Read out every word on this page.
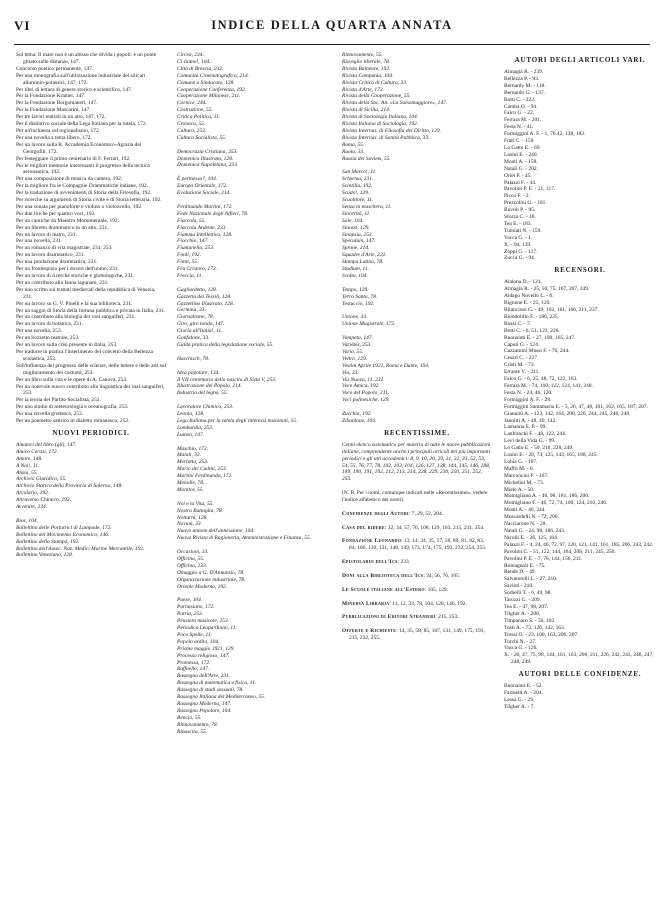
VI	INDICE DELLA QUARTA ANNATA

Sul tema: Il mare non è un abisso che divida i popoli: è un ponte gittato sulle distanze, 147.

Concorso poetico permanente, 147.

Per una monografia sull'utilizzazione industriale dei silicati alluminio-potassici, 147, 172.

Per libri di lettura di genere storico e scientifico, 147.

Per la Fondazione Kramer, 147.

Per la Fondazione Borgomaneri, 147.

Per la Fondazione Mascarini, 147.

Per tre lavori teatrali in un atto, 147, 172.

Per il distintivo sociale della Lega Italiana per la tutela, 172.

Per un'inchiesta sul regionalismo, 172.

Per una novella a tema libero, 172.

Per un lavoro sulla R. Accademia Economico-Agraria dei Georgofili, 172.

Per festeggiare il primo centenario di F. Ferrari, 192.

Per le migliori memorie interessanti il progresso della tecnica aeronautica, 192.

Per una composizione di musica da camera, 192.

Per la migliore fra le Compagnie Drammatiche italiane, 192.

Per la traduzione di avvenimenti di Storia della Filosofia, 192.

Per ricerche su argomenti di Storia civile e di Storia letteraria, 192.

Per una sonata per pianoforte e violino o violoncello, 192.

Per due liriche per quattro voci, 192.

Per un cantiche da Maestro Monumentale, 192.

Per un libretto drammatico in un atto, 231.

Per un lavoro di teatro, 231.

Per una novella, 231.

Per un romanzo di vita magistrale, 231, 253.

Per un lavoro drammatico, 231.

Per una produzione drammatica, 231.

Per un frontespizio per i doveri dell'uomo, 231.

Per un lavoro di ricerche storiche e glottologiche, 231.

Per un contributo alla fauna lagunare, 231.

Per uno scritto sui trattati medievali della repubblica di Venezia, 231.

Per un lavoro su G. V. Pinelli e la sua biblioteca, 231.

Per un saggio di Storia della fortuna pubblica e privata in Italia, 231.

Per un contributo alla biologia dei vasi sanguiferi, 231.

Per un lavoro di botanica, 231.

Per una novella, 253.

Per un bozzetto teatrale, 253.

Per un lavoro sulla crisi presente in Italia, 253.

Per tradurre in pratica l'inserimento del concetto della Bellezza scolastica, 253.

Sull'influenza del progresso delle scienze, delle lettere e delle arti sul miglioramento dei costumi, 253.

Per un libro sulla vita e le opere di A. Canova, 253.

Per un notevole nuovo contributo alla linguistica dei vasi sanguiferi, 253.

Per la teoria del Partito Socialista, 253.

Per uno studio di meteorologia e oceanografia, 253.

Per una novella grottesca, 253.

Per un poemetto satirico in dialetto romanesco, 253.

NUOVI PERIODICI.

Amatori del libro (gli), 147.

Amico Cerasi, 172.

Amore, 148.

A Noi!, 11.

Ansia, 55.

Archivio Giuridico, 55.

Archivio Storico della Provincia di Salerno, 148.

Arcolario, 192.

Attraverso Chimico, 192.

Avvenire, 234.

Bios, 104.

Bollettino delle Portatrici di Lampade, 172.

Bollettino del Movimento Economico, 146.

Bollettino della Stampa, 192.

Bollettino dell'Assoc. Naz. Medici Marine Mercantile, 192.

Bollettino Veneziano, 128.

Circea, 234.

Ci siamo!, 104.

Città di Brescia, 232.

Comunità Cinematografica, 214.

Comune a Sindacato, 128.

Cooperazione Conferenza, 192.

Cooperazione Milanese, 211.

Cornice, 244.

Costruzione, 55.

Critica Politica, 11.

Cronaca, 55.

Cultura, 253.

Cultura Socialista, 55.

Democrazia Cristiana, 253.

Domenica Illustrata, 128.

Domenica Napoletana, 233.

È permesso?, 104.

Europa Orientale, 172.

Evoluzione Sociale, 214.

Ferdinando Martini, 172.

Fede Nazionale degli Alfieri, 78.

Fiaccola, 55.

Fiaccola Ardente, 233.

Fiamma Intellettiva, 128.

Fiocchio, 147.

Fiumanella, 253.

Fonti, 192.

Fonti, 55.

Fra Cristoro, 172.

Freccia, 11.

Gagliardetto, 128.

Gazzetta dei Tessili, 128.

Gazzettino Illustrato, 128.

Germina, 33.

Giornalismo, 78.

Giro, giro tondo, 147.

Gloria all'Italia!, 11.

Gonfalone, 33.

Guida pratica della legislazione sociale, 55.

Haschisch, 78.

Idea popolare, 134.

Il VII centenario della nascita di Sisto V, 253.

Illustrazione del Popolo, 214.

Industria del legno, 55.

Lavoratore Chimico, 253.

Leonia, 128.

Lega Italiana per la tutela degli interessi nazionali, 55.

Lombardia, 253.

Lumen, 147.

Maschio, 172.

Maiali, 33.

Merlotto, 253.

Mario dei Cadini, 253.

Martini Ferdinando, 172.

Melodie, 78.

Monitor, 55.

Noi e la Vita, 55.

Nostra Battaglia, 78.

Notturni, 128.

Novum, 33.

Nuovo unione dell'annessione, 104.

Nuova Rivista di Ragioneria, Amministrazione e Finanza, 55.

Occasioni, 33.

Officina, 55.

Officina, 233.

Omaggio a G. D'Annunzio, 78.

Organizzazione industriale, 78.

Oriente Moderno, 192.

Paese, 104.

Parnasiano, 172.

Patria, 253.

Pensiero musicale, 253.

Periodico Leopardiano, 11.

Poco Spelle, 11.

Popolo ardito, 104.

Prisma maggio 1921, 129.

Processo religioso, 147.

Promessa, 172.

Raffaello, 147.

Rassegna dell'Arte, 231.

Rassegna di matematica e fisica, 11.

Rassegna di studi sessuali, 78.

Rassegna Italiana del Mediterraneo, 55.

Rassegna Moderna, 147.

Rassegna Popolare, 104.

Rencio, 55.

Rinnovamento, 78.

Rinascita, 55.

Rinnovamento, 55.

Risveglio liberale, 78.

Rivista Balneare, 192.

Rivista Campania, 104.

Rivista Critica di Cultura, 33.

Rivista d'Arte, 172.

Rivista della Cooperazione, 55.

Rivista della Soc. An. «La Salsomaggiore», 147.

Rivista di Sicilia, 214.

Rivista di Sociologia Italiana, 104.

Rivista Italiana di Sociologia, 192.

Rivista Internaz. di Filosofia del Diritto, 129.

Rivista Internaz. di Sanità Pubblica, 33.

Roma, 55.

Ruota, 33.

Russia dei Soviets, 55.

San Marco!, 11.

Scherma, 231.

Scintilla, 192.

Scudo!, 129.

Scuotitore, 11.

Senza la maschera, 11.

Sincerità, 11.

Sole, 104.

Sinossi, 129.

Sinopsia, 253.

Speculum, 147.

Sprone, 214.

Squadre d'Arte, 231.

Stampa Latina, 78.

Studium, 11.

Svolta, 104.

Tempo, 129.

Terra Santa, 78.

Testuccio, 192.

Unione, 33.

Unione Magistrale, 172.

Vampeta, 147.

Variétés, 253.

Vario, 55.

Veltro, 129.

Vestim Aprile 1921, Roma e Dante, 104.

Via, 33.

Via Nuova, 11. 231.

Voce Amica, 192.

Voce del Popolo, 211.

Voci polinesiche, 129.

Zucchia, 192.

Zibaldone, 104.

RECENTISSIME.

Cenni elenco sistematico per materia di tutte le nuove pubblicazioni italiane, comprendente anche i principali articoli dei più importanti periodici e gli atti accademici: 8, 9, 10, 20, 29, 31, 32, 33, 52, 53, 54, 55, 76, 77, 78, 102, 103, 104, 126, 127, 128, 144, 145, 146, 188, 189, 190, 191, 192, 212, 213, 214, 228, 229, 230, 250, 251, 252, 253.

(N. B. Per i nomi, comunque indicati nelle «Recentissime», vedere l'indice alfabetico dei nomi).

Confidenze degli Autori: 7, 29, 52, 204.

Casa del ridere: 12, 34, 57, 76, 108, 129, 163, 215, 231, 254.

Fondazione Leonardo: 13, 14, 34, 35, 57, 58, 80, 81, 82, 83, 84, 106, 130, 131, 148, 149, 173, 174, 175, 193, 232, 254, 255.

Epistolario dell'Ics: 233.

Doni alla Biblioteca dell'Ics: 34, 56, 76, 105.

Le Scuole italiane all'Estero: 105, 129.

Minerva Libraria: 11, 12, 33, 78, 104, 128, 146, 192.

Pubblicazioni di Editori Stranieri: 215, 253.

Offerte e Richieste: 14, 35, 58, 85, 107, 131, 149, 175, 193, 215, 232, 255.

AUTORI DEGLI ARTICOLI VARI.

Almagià R. - 239.

Bellezza P. - 93.

Bernardy M. - 118.

Bernardo G. - 137.

Botti C. - 222.

Camba O. - 94.

Falco G. - 22.

Ferrara M. - 201.

Festa N. - 41.

Formiggini A. F. - 1, 70.42, 138, 182.

Frati C. - 159.

Lo Gatto E. - 69.

Losini E. - 240.

Monti A. - 158.

Natali G. - 202.

Orlet P. - 45.

Palazzi F. - 44.

Pavolini P. E. - 21, 117.

Picco F. - 2.

Prezzolini G. - 181.

Ruvoli P. - 95.

Sforza C. - 18.

Tea E. - 183.

Tumiati N. - 159.

Vacca G. - 1.

X. - 94, 139.

Zoppi G. - 117.

Zucca G. - 94.

RECENSORI.

Alalona D. - 121.

Almagià R. - 25, 50, 75, 167, 207, 249.

Aldago Novello L. - 6.

Bignone E. - 25, 120.

Bilancioni G. - 49, 102, 161, 166, 211, 237.

Biondolillo F. - 186, 225.

Bossi C. - 7.

Botti C. - 6, 51, 123, 226.

Buonaiuti E. - 27, 100, 165, 247.

Caputi G. - 124.

Cazzamini Mussi F. - 76, 244.

Cesari C. - 227.

Cristi M. - 73.

Errante V. - 211.

Falco G. - 6, 25, 48, 72, 122, 163.

Ferrara M. - 74, 100, 122, 124, 141, 248.

Festa N. - 24, 46, 120.

Formiggini A. F. - 28.

Formiggini Santamaria E. - 5, 26, 47, 48, 101, 162, 165, 187, 207.

Giannini A. - 123, 142, 164, 208, 226, 244, 245, 246, 248.

Jannitti A. - 48, 49, 142.

Lamanna E. P. - 99.

Lanfranchi F. - 48, 122, 244.

Levi della Vida G. - 99.

Lo Gatto E. - 50, 210, 228, 249.

Losini E. - 28, 74, 125, 143, 165, 188, 245.

Lohia G. - 167.

Maffii M. - 6.

Marconcini F. - 167.

Michelini M. - 73.

Miele A. - 50.

Momigliano A. - 46, 98, 161, 186, 206.

Momigliano F. - 46, 72, 74, 100, 124, 210, 246.

Monti A. - 46, 244.

Moscardelli N. - 72, 206.

Nacciarone N. - 28.

Natali G. - 24, 98, 186, 243.

Nicolli E. - 26, 125, 164.

Palazzi F. - 4, 24, 46, 72, 97, 120, 121, 141, 161, 185, 206, 243, 242.

Pavolini C. - 51, 122, 144, 164, 208, 211, 245, 250.

Pavolini P. E. - 7, 78, 144, 156, 211.

Romagnoli E. - 75.

Rende D. - 49.

Salvatorelli L. - 27, 210.

Savioti - 210.

Sorbelli T. - 6, 49, 98.

Tarozzi G. - 209.

Tea E. - 47, 98, 207.

Tilgher A. - 208.

Timpanaro S. - 50, 102.

Tosti A. - 73, 126, 142, 163.

Tressi O. - 23, 100, 163, 206, 207.

Turchi N. - 27.

Vacca G. - 126.

X. - 28, 47, 75, 98, 144, 161, 163, 206, 211, 226, 242, 243, 246, 247, 248, 249.

AUTORI DELLE CONFIDENZE.

Buonaiuti E. - 52.

Farinelli A. - 204.

Lessa G. - 29.

Tilgher A. - 7.
